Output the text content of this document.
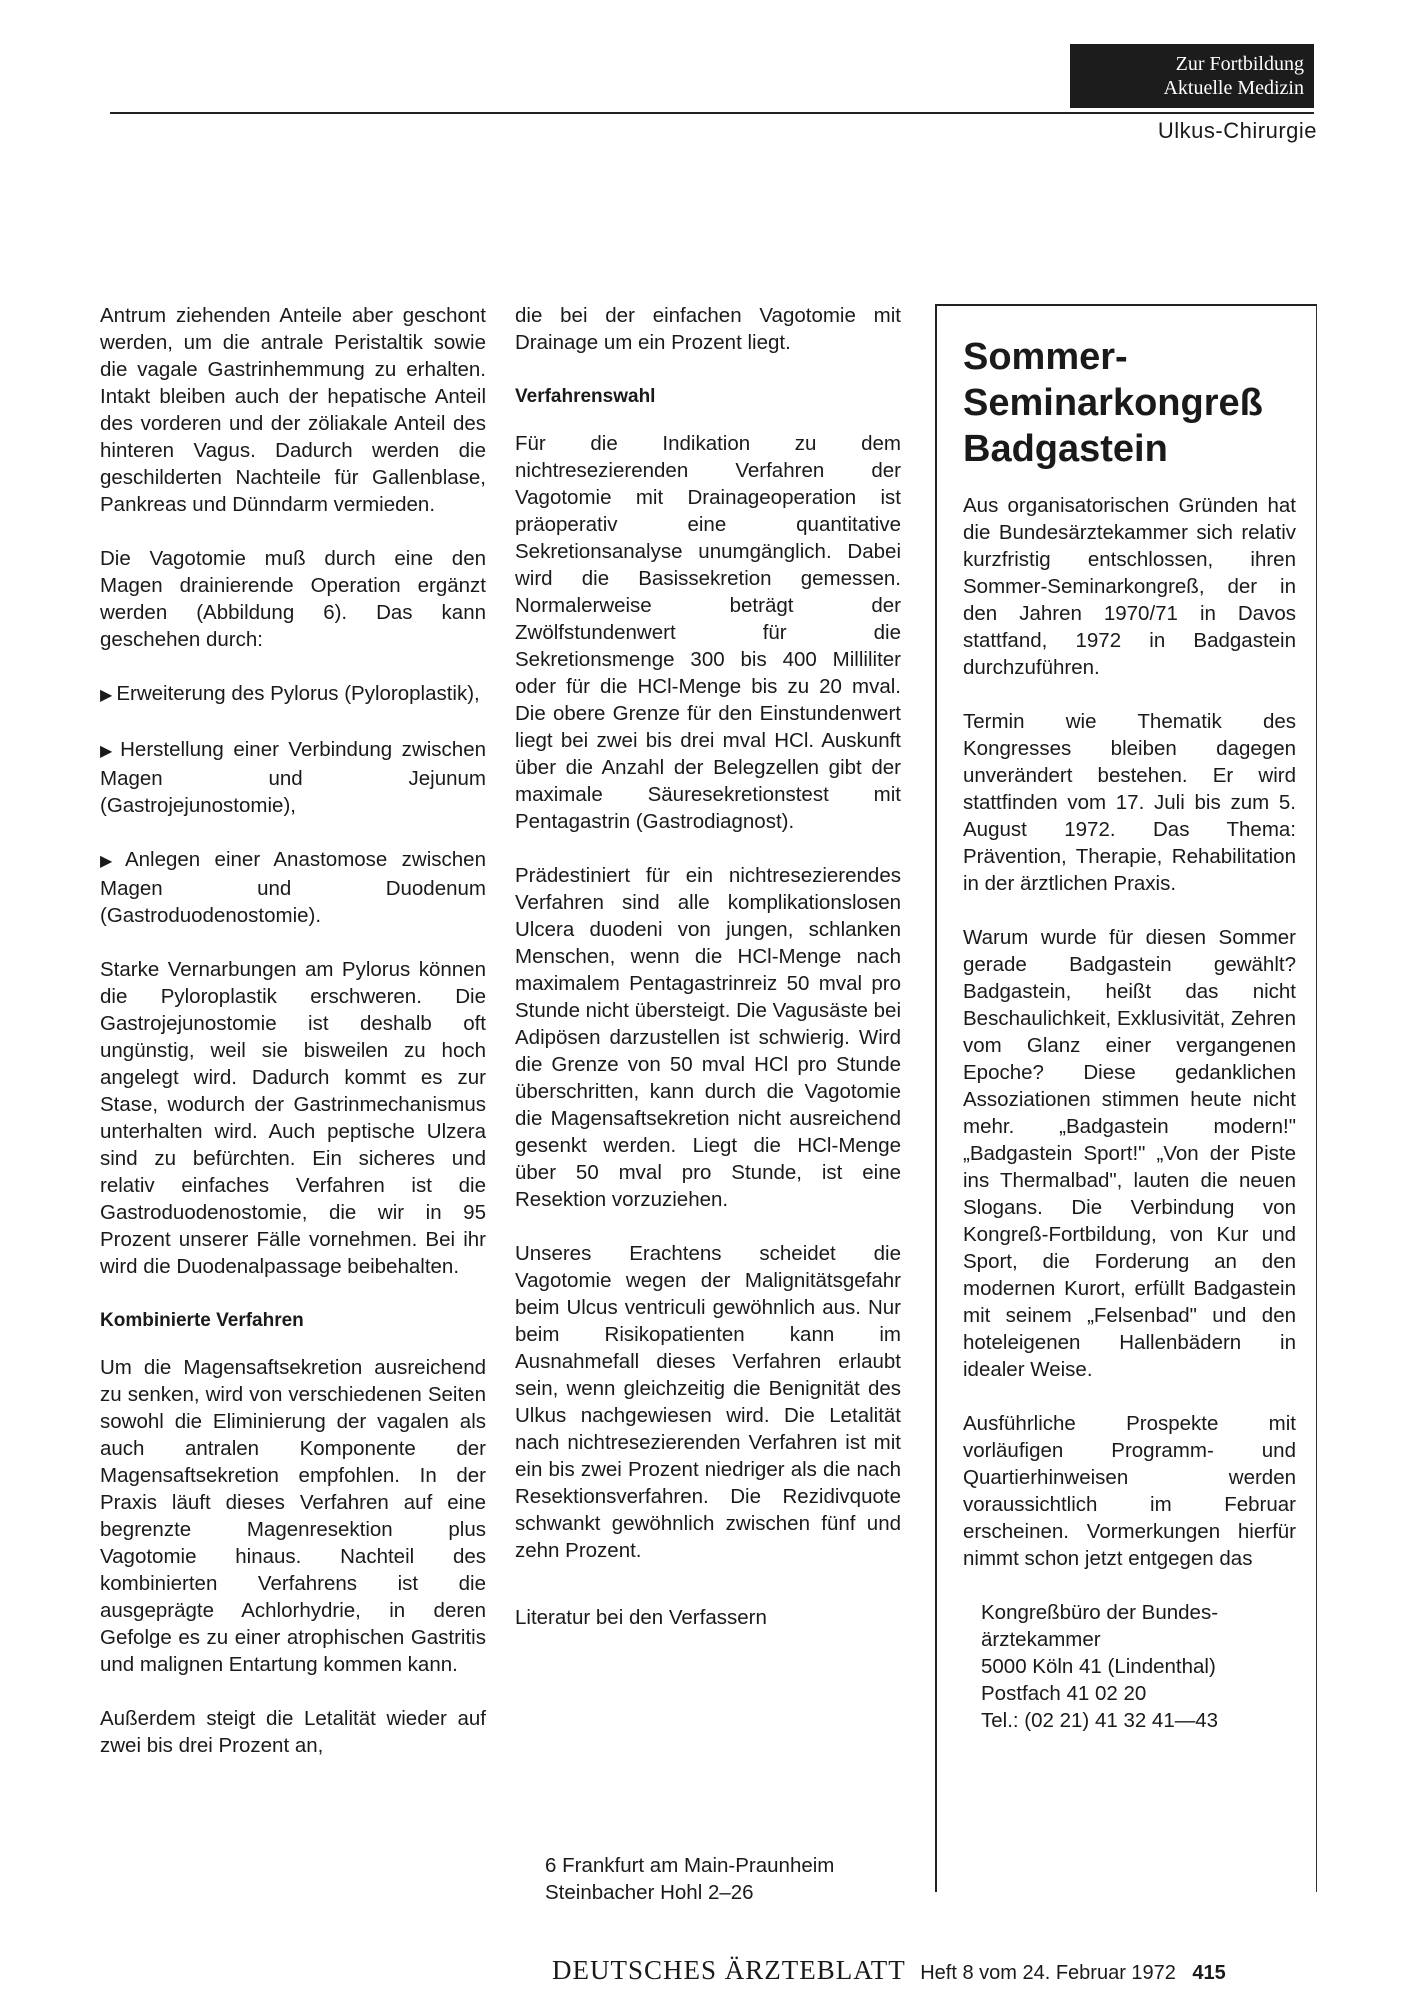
Zur Fortbildung
Aktuelle Medizin
Ulkus-Chirurgie

Antrum ziehenden Anteile aber geschont werden, um die antrale Peristaltik sowie die vagale Gastrinhemmung zu erhalten. Intakt bleiben auch der hepatische Anteil des vorderen und der zöliakale Anteil des hinteren Vagus. Dadurch werden die geschilderten Nachteile für Gallenblase, Pankreas und Dünndarm vermieden.

Die Vagotomie muß durch eine den Magen drainierende Operation ergänzt werden (Abbildung 6). Das kann geschehen durch:

▶ Erweiterung des Pylorus (Pyloroplastik),

▶ Herstellung einer Verbindung zwischen Magen und Jejunum (Gastrojejunostomie),

▶ Anlegen einer Anastomose zwischen Magen und Duodenum (Gastroduodenostomie).

Starke Vernarbungen am Pylorus können die Pyloroplastik erschweren. Die Gastrojejunostomie ist deshalb oft ungünstig, weil sie bisweilen zu hoch angelegt wird. Dadurch kommt es zur Stase, wodurch der Gastrinmechanismus unterhalten wird. Auch peptische Ulzera sind zu befürchten. Ein sicheres und relativ einfaches Verfahren ist die Gastroduodenostomie, die wir in 95 Prozent unserer Fälle vornehmen. Bei ihr wird die Duodenalpassage beibehalten.

Kombinierte Verfahren

Um die Magensaftsekretion ausreichend zu senken, wird von verschiedenen Seiten sowohl die Eliminierung der vagalen als auch antralen Komponente der Magensaftsekretion empfohlen. In der Praxis läuft dieses Verfahren auf eine begrenzte Magenresektion plus Vagotomie hinaus. Nachteil des kombinierten Verfahrens ist die ausgeprägte Achlorhydrie, in deren Gefolge es zu einer atrophischen Gastritis und malignen Entartung kommen kann.

Außerdem steigt die Letalität wieder auf zwei bis drei Prozent an,

die bei der einfachen Vagotomie mit Drainage um ein Prozent liegt.

Verfahrenswahl

Für die Indikation zu dem nichtresezierenden Verfahren der Vagotomie mit Drainageoperation ist präoperativ eine quantitative Sekretionsanalyse unumgänglich. Dabei wird die Basissekretion gemessen. Normalerweise beträgt der Zwölfstundenwert für die Sekretionsmenge 300 bis 400 Milliliter oder für die HCl-Menge bis zu 20 mval. Die obere Grenze für den Einstundenwert liegt bei zwei bis drei mval HCl. Auskunft über die Anzahl der Belegzellen gibt der maximale Säuresekretionstest mit Pentagastrin (Gastrodiagnost).

Prädestiniert für ein nichtresezierendes Verfahren sind alle komplikationslosen Ulcera duodeni von jungen, schlanken Menschen, wenn die HCl-Menge nach maximalem Pentagastrinreiz 50 mval pro Stunde nicht übersteigt. Die Vagusäste bei Adipösen darzustellen ist schwierig. Wird die Grenze von 50 mval HCl pro Stunde überschritten, kann durch die Vagotomie die Magensaftsekretion nicht ausreichend gesenkt werden. Liegt die HCl-Menge über 50 mval pro Stunde, ist eine Resektion vorzuziehen.

Unseres Erachtens scheidet die Vagotomie wegen der Malignitätsgefahr beim Ulcus ventriculi gewöhnlich aus. Nur beim Risikopatienten kann im Ausnahmefall dieses Verfahren erlaubt sein, wenn gleichzeitig die Benignität des Ulkus nachgewiesen wird. Die Letalität nach nichtresezierenden Verfahren ist mit ein bis zwei Prozent niedriger als die nach Resektionsverfahren. Die Rezidivquote schwankt gewöhnlich zwischen fünf und zehn Prozent.

Literatur bei den Verfassern

6 Frankfurt am Main-Praunheim
Steinbacher Hohl 2–26
Sommer-
Seminarkongreß
Badgastein

Aus organisatorischen Gründen hat die Bundesärztekammer sich relativ kurzfristig entschlossen, ihren Sommer-Seminarkongreß, der in den Jahren 1970/71 in Davos stattfand, 1972 in Badgastein durchzuführen.

Termin wie Thematik des Kongresses bleiben dagegen unverändert bestehen. Er wird stattfinden vom 17. Juli bis zum 5. August 1972. Das Thema: Prävention, Therapie, Rehabilitation in der ärztlichen Praxis.

Warum wurde für diesen Sommer gerade Badgastein gewählt? Badgastein, heißt das nicht Beschaulichkeit, Exklusivität, Zehren vom Glanz einer vergangenen Epoche? Diese gedanklichen Assoziationen stimmen heute nicht mehr. „Badgastein modern!" „Badgastein Sport!" „Von der Piste ins Thermalbad", lauten die neuen Slogans. Die Verbindung von Kongreß-Fortbildung, von Kur und Sport, die Forderung an den modernen Kurort, erfüllt Badgastein mit seinem „Felsenbad" und den hoteleigenen Hallenbädern in idealer Weise.

Ausführliche Prospekte mit vorläufigen Programm- und Quartierhinweisen werden voraussichtlich im Februar erscheinen. Vormerkungen hierfür nimmt schon jetzt entgegen das

Kongreßbüro der Bundes-
ärztekammer
5000 Köln 41 (Lindenthal)
Postfach 41 02 20
Tel.: (02 21) 41 32 41—43
DEUTSCHES ÄRZTEBLATT Heft 8 vom 24. Februar 1972 415
